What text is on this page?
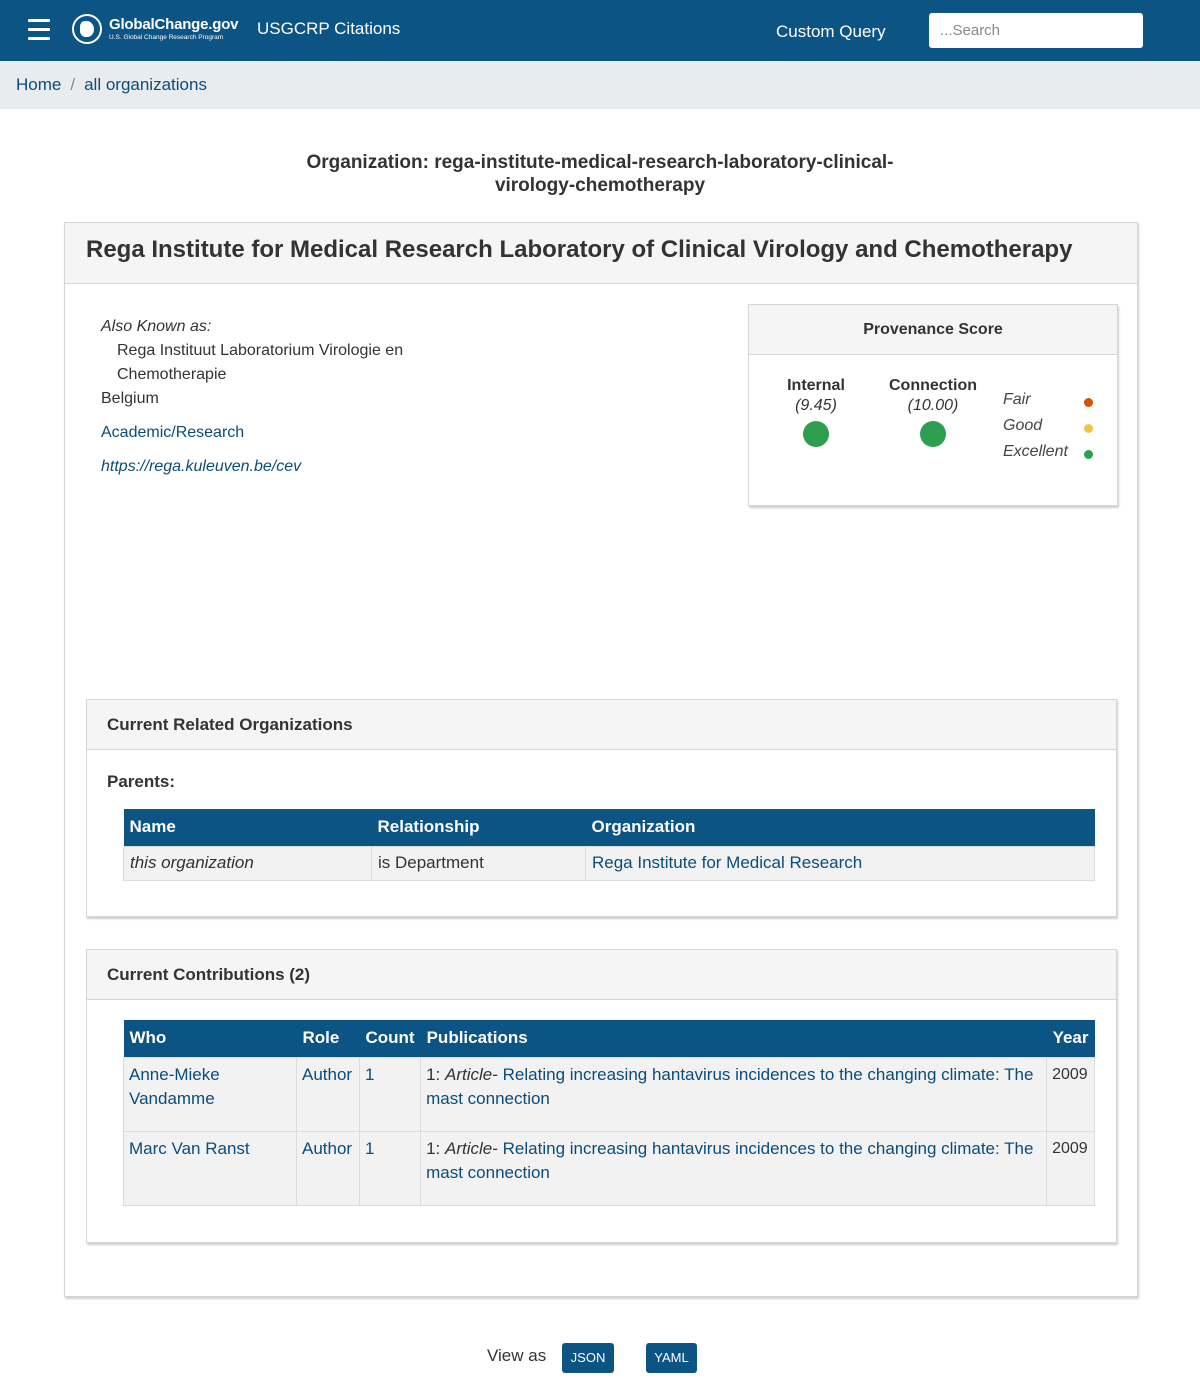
GlobalChange.gov
U.S. Global Change Research Program	USGCRP Citations	Custom Query
...Search
Home / all organizations
Organization: rega-institute-medical-research-laboratory-clinical-virology-chemotherapy
Rega Institute for Medical Research Laboratory of Clinical Virology and Chemotherapy
Also Known as:
Rega Instituut Laboratorium Virologie en Chemotherapie
Belgium
Academic/Research
https://rega.kuleuven.be/cev
Provenance Score
Internal
(9.45)
Connection
(10.00)	Fair
Good
Excellent
Current Related Organizations
Parents:
Name	Relationship	Organization
this organization	is Department	Rega Institute for Medical Research
Current Contributions (2)
Who	Role	Count	Publications	Year
Anne-Mieke Vandamme	Author	1	1: Article- Relating increasing hantavirus incidences to the changing climate: The mast connection	2009
Marc Van Ranst	Author	1	1: Article- Relating increasing hantavirus incidences to the changing climate: The mast connection	2009
View as	JSON	YAML
